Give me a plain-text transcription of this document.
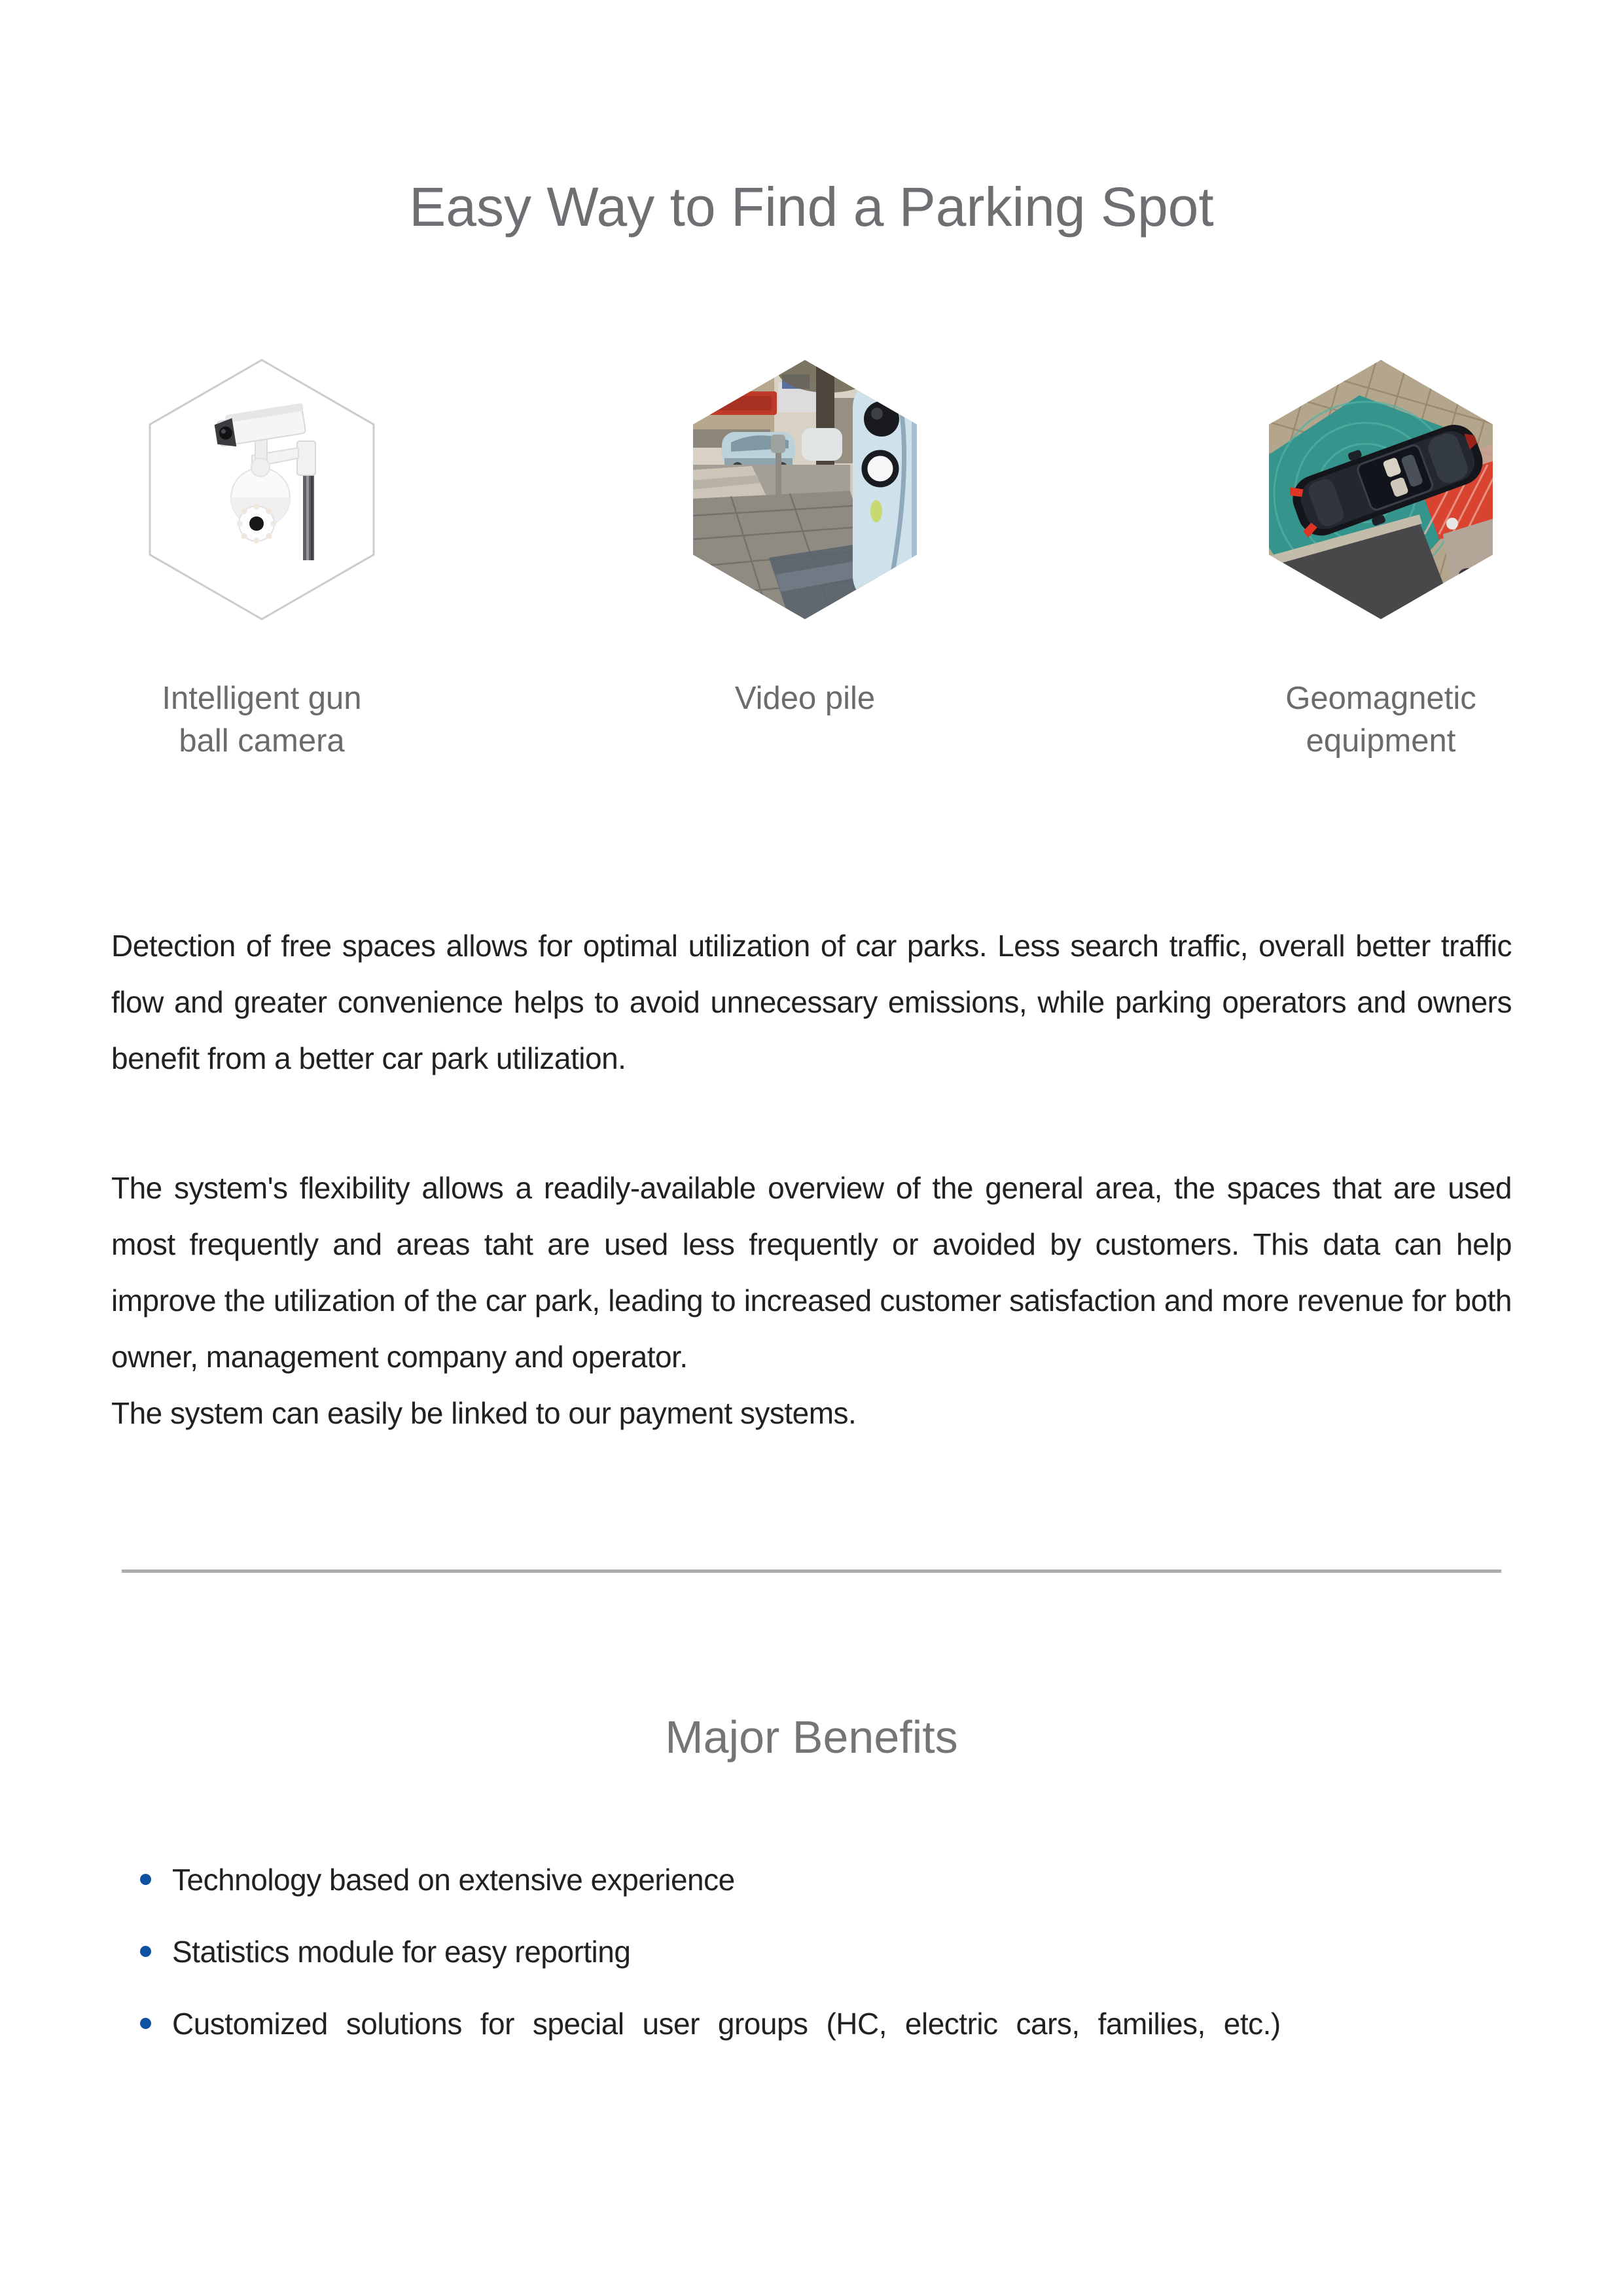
Easy Way to Find a Parking Spot
Intelligent gun ball camera
Video pile	Geomagnetic equipment

Detection of free spaces allows for optimal utilization of car parks. Less search traffic, overall better traffic flow and greater convenience helps to avoid unnecessary emissions, while parking operators and owners benefit from a better car park utilization.

The system's flexibility allows a readily-available overview of the general area, the spaces that are used most frequently and areas taht are used less frequently or avoided by customers. This data can help improve the utilization of the car park, leading to increased customer satisfaction and more revenue for both owner, management company and operator.

The system can easily be linked to our payment systems.

Major Benefits
Technology based on extensive experience
Statistics module for easy reporting
Customized solutions for special user groups (HC, electric cars, families, etc.)
